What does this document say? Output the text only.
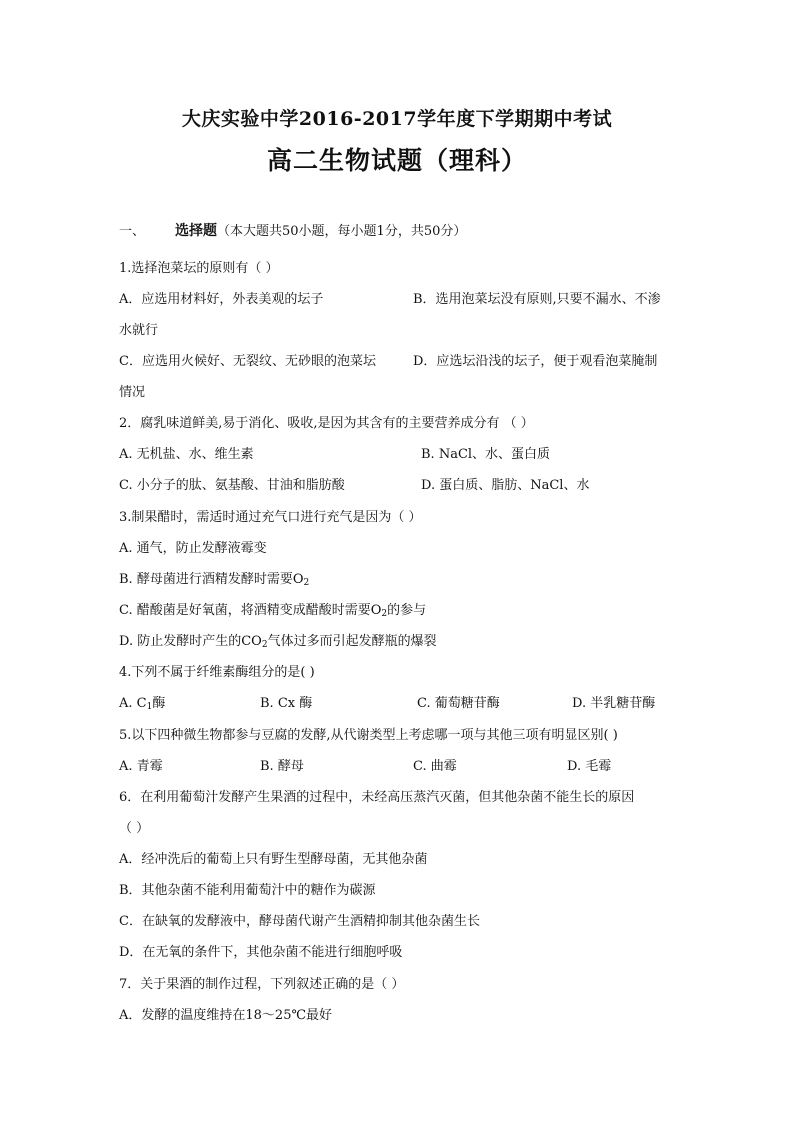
大庆实验中学2016-2017学年度下学期期中考试
高二生物试题（理科）
一、 选择题（本大题共50小题，每小题1分，共50分）
1.选择泡菜坛的原则有（ ）
A．应选用材料好，外表美观的坛子	B．选用泡菜坛没有原则,只要不漏水、不渗
水就行
C．应选用火候好、无裂纹、无砂眼的泡菜坛	D．应选坛沿浅的坛子，便于观看泡菜腌制
情况
2．腐乳味道鲜美,易于消化、吸收,是因为其含有的主要营养成分有 （ ）
A. 无机盐、水、维生素	B. NaCl、水、蛋白质
C. 小分子的肽、氨基酸、甘油和脂肪酸	D. 蛋白质、脂肪、NaCl、水
3.制果醋时，需适时通过充气口进行充气是因为（ ）
A. 通气，防止发酵液霉变
B. 酵母菌进行酒精发酵时需要$O_2$
C. 醋酸菌是好氧菌，将酒精变成醋酸时需要$O_2$的参与
D. 防止发酵时产生的$CO_2$气体过多而引起发酵瓶的爆裂
4.下列不属于纤维素酶组分的是( )
A. $C_1$酶	B. Cx 酶	C. 葡萄糖苷酶	D. 半乳糖苷酶
5.以下四种微生物都参与豆腐的发酵,从代谢类型上考虑哪一项与其他三项有明显区别( )
A. 青霉	B. 酵母	C. 曲霉	D. 毛霉
6．在利用葡萄汁发酵产生果酒的过程中，未经高压蒸汽灭菌，但其他杂菌不能生长的原因
（ ）
A．经冲洗后的葡萄上只有野生型酵母菌，无其他杂菌
B．其他杂菌不能利用葡萄汁中的糖作为碳源
C．在缺氧的发酵液中，酵母菌代谢产生酒精抑制其他杂菌生长
D．在无氧的条件下，其他杂菌不能进行细胞呼吸
7．关于果酒的制作过程，下列叙述正确的是（ ）
A．发酵的温度维持在18～25℃最好
